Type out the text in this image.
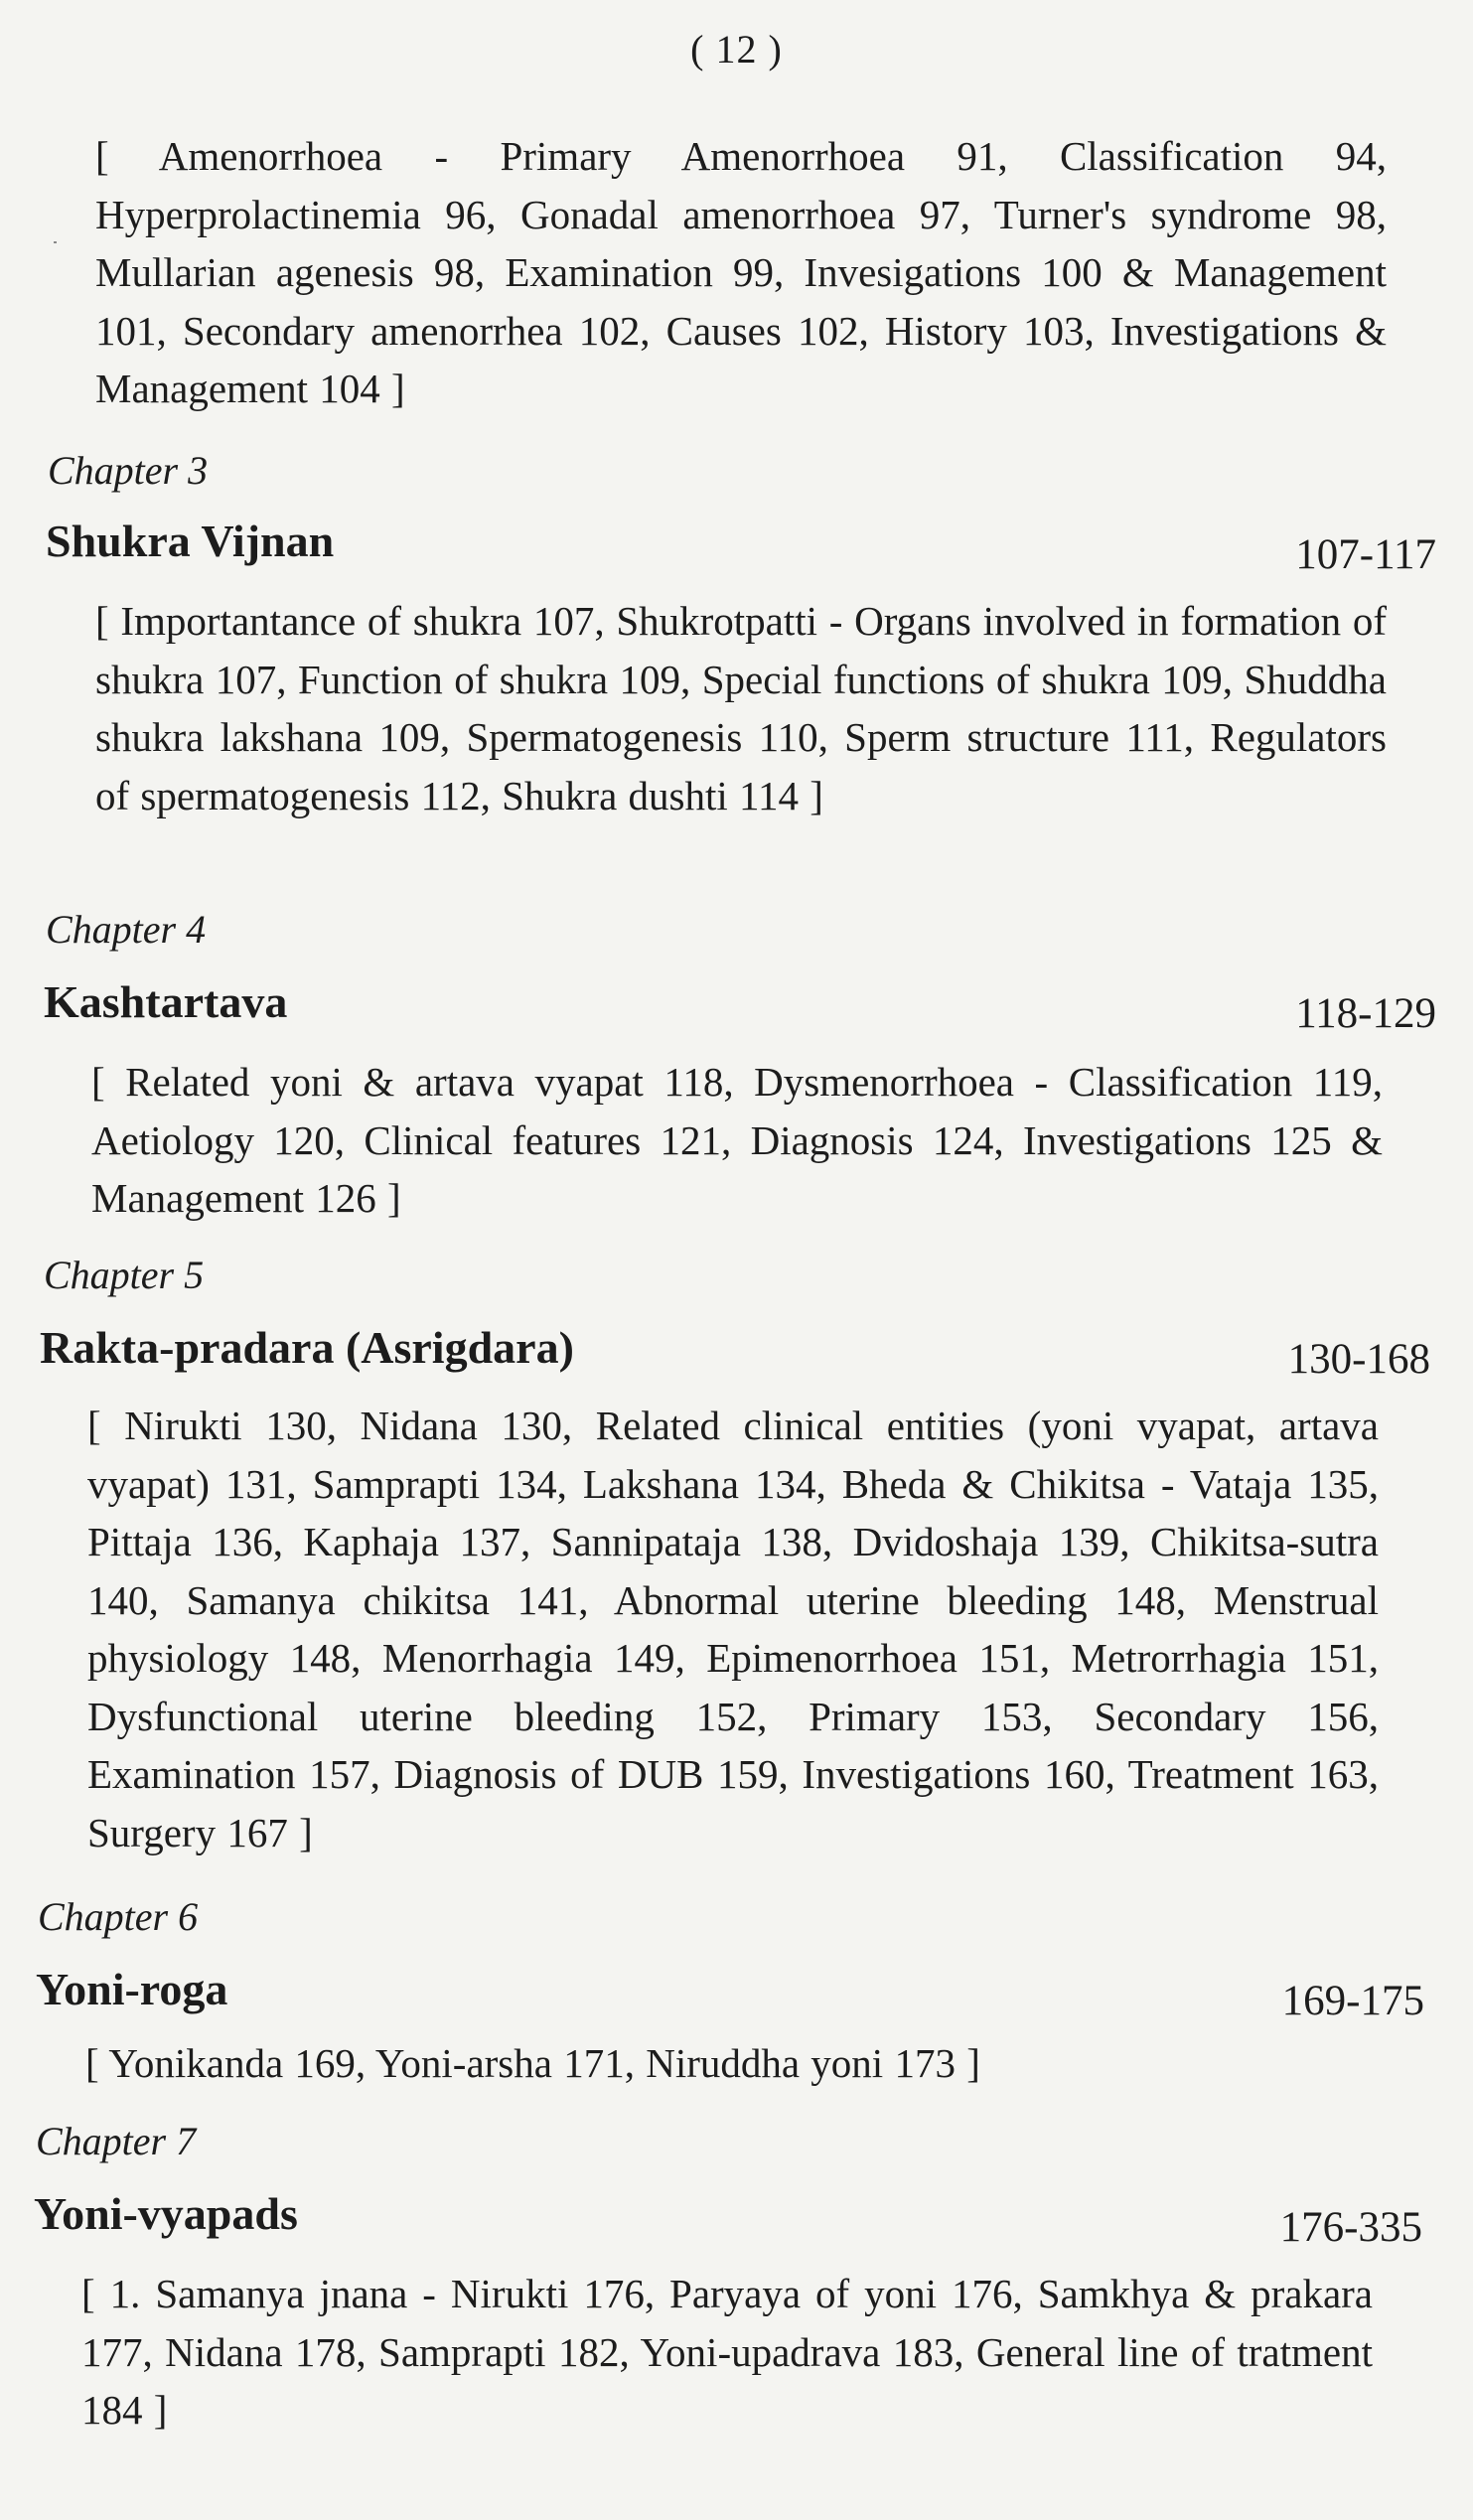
( 12 )
[ Amenorrhoea - Primary Amenorrhoea 91, Classification 94, Hyperprolactinemia 96, Gonadal amenorrhoea 97, Turner's syndrome 98, Mullarian agenesis 98, Examination 99, Invesigations 100 & Management 101, Secondary amenorrhea 102, Causes 102, History 103, Investigations & Management 104 ]
Chapter 3
Shukra Vijnan	107-117
[ Importantance of shukra 107, Shukrotpatti - Organs involved in formation of shukra 107, Function of shukra 109, Special functions of shukra 109, Shuddha shukra lakshana 109, Spermatogenesis 110, Sperm structure 111, Regulators of spermatogenesis 112, Shukra dushti 114 ]
Chapter 4
Kashtartava	118-129
[ Related yoni & artava vyapat 118, Dysmenorrhoea - Classification 119, Aetiology 120, Clinical features 121, Diagnosis 124, Investigations 125 & Management 126 ]
Chapter 5
Rakta-pradara (Asrigdara)	130-168
[ Nirukti 130, Nidana 130, Related clinical entities (yoni vyapat, artava vyapat) 131, Samprapti 134, Lakshana 134, Bheda & Chikitsa - Vataja 135, Pittaja 136, Kaphaja 137, Sannipataja 138, Dvidoshaja 139, Chikitsa-sutra 140, Samanya chikitsa 141, Abnormal uterine bleeding 148, Menstrual physiology 148, Menorrhagia 149, Epimenorrhoea 151, Metrorrhagia 151, Dysfunctional uterine bleeding 152, Primary 153, Secondary 156, Examination 157, Diagnosis of DUB 159, Investigations 160, Treatment 163, Surgery 167 ]
Chapter 6
Yoni-roga	169-175
[ Yonikanda 169, Yoni-arsha 171, Niruddha yoni 173 ]
Chapter 7
Yoni-vyapads	176-335
[ 1. Samanya jnana - Nirukti 176, Paryaya of yoni 176, Samkhya & prakara 177, Nidana 178, Samprapti 182, Yoni-upadrava 183, General line of tratment 184 ]
